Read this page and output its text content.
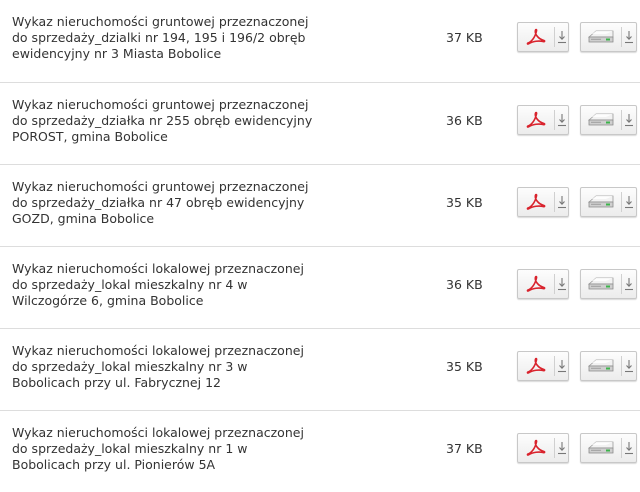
Wykaz nieruchomości gruntowej przeznaczonej
do sprzedaży_dzialki nr 194, 195 i 196/2 obręb
ewidencyjny nr 3 Miasta Bobolice
37 KB
Wykaz nieruchomości gruntowej przeznaczonej
do sprzedaży_działka nr 255 obręb ewidencyjny
POROST, gmina Bobolice
36 KB
Wykaz nieruchomości gruntowej przeznaczonej
do sprzedaży_działka nr 47 obręb ewidencyjny
GOZD, gmina Bobolice
35 KB
Wykaz nieruchomości lokalowej przeznaczonej
do sprzedaży_lokal mieszkalny nr 4 w
Wilczogórze 6, gmina Bobolice
36 KB
Wykaz nieruchomości lokalowej przeznaczonej
do sprzedaży_lokal mieszkalny nr 3 w
Bobolicach przy ul. Fabrycznej 12
35 KB
Wykaz nieruchomości lokalowej przeznaczonej
do sprzedaży_lokal mieszkalny nr 1 w
Bobolicach przy ul. Pionierów 5A
37 KB
